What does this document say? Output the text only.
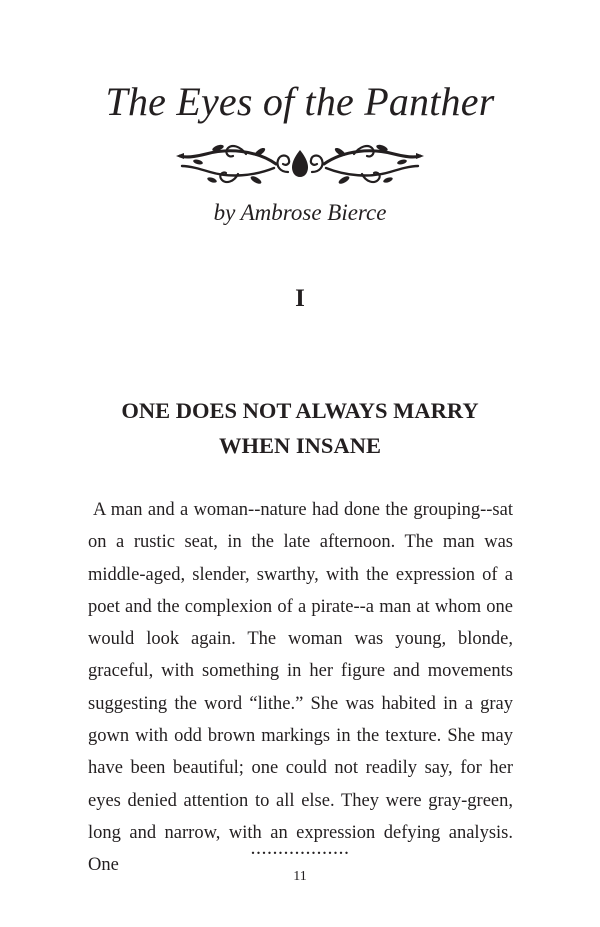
The Eyes of the Panther
by Ambrose Bierce
I
ONE DOES NOT ALWAYS MARRY
WHEN INSANE

A man and a woman--nature had done the grouping--sat on a rustic seat, in the late afternoon. The man was middle-aged, slender, swarthy, with the expression of a poet and the complexion of a pirate--a man at whom one would look again. The woman was young, blonde, graceful, with something in her figure and movements suggesting the word “lithe.” She was habited in a gray gown with odd brown markings in the texture. She may have been beautiful; one could not readily say, for her eyes denied attention to all else. They were gray-green, long and narrow, with an expression defying analysis. One

..................
11
